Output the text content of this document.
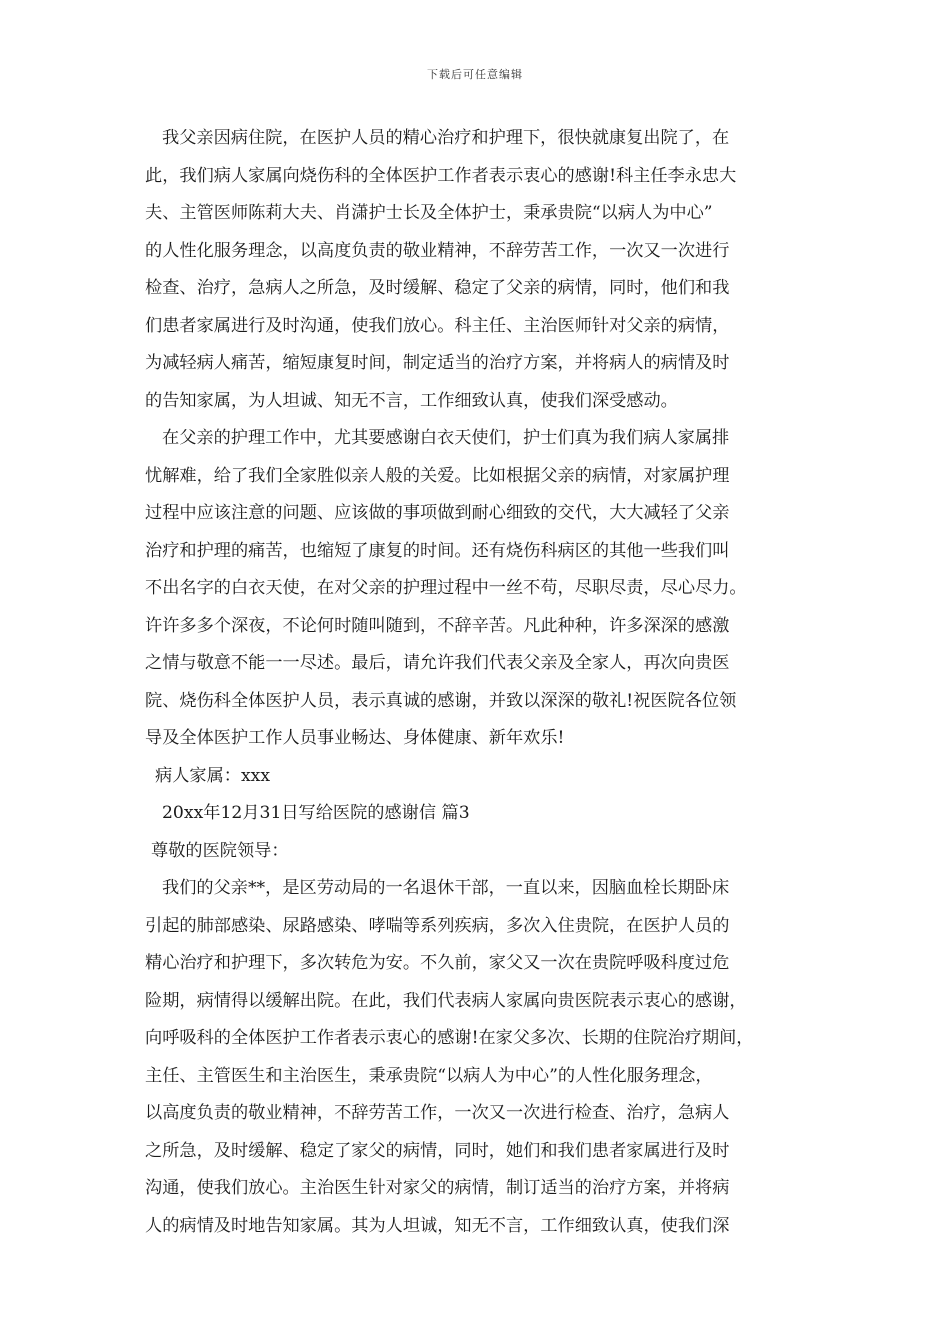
下载后可任意编辑
我父亲因病住院，在医护人员的精心治疗和护理下，很快就康复出院了，在
此，我们病人家属向烧伤科的全体医护工作者表示衷心的感谢!科主任李永忠大
夫、主管医师陈莉大夫、肖潇护士长及全体护士，秉承贵院“以病人为中心”
的人性化服务理念，以高度负责的敬业精神，不辞劳苦工作，一次又一次进行
检查、治疗，急病人之所急，及时缓解、稳定了父亲的病情，同时，他们和我
们患者家属进行及时沟通，使我们放心。科主任、主治医师针对父亲的病情，
为减轻病人痛苦，缩短康复时间，制定适当的治疗方案，并将病人的病情及时
的告知家属，为人坦诚、知无不言，工作细致认真，使我们深受感动。
在父亲的护理工作中，尤其要感谢白衣天使们，护士们真为我们病人家属排
忧解难，给了我们全家胜似亲人般的关爱。比如根据父亲的病情，对家属护理
过程中应该注意的问题、应该做的事项做到耐心细致的交代，大大减轻了父亲
治疗和护理的痛苦，也缩短了康复的时间。还有烧伤科病区的其他一些我们叫
不出名字的白衣天使，在对父亲的护理过程中一丝不苟，尽职尽责，尽心尽力。
许许多多个深夜，不论何时随叫随到，不辞辛苦。凡此种种，许多深深的感激
之情与敬意不能一一尽述。最后，请允许我们代表父亲及全家人，再次向贵医
院、烧伤科全体医护人员，表示真诚的感谢，并致以深深的敬礼!祝医院各位领
导及全体医护工作人员事业畅达、身体健康、新年欢乐!
病人家属：xxx
20xx年12月31日写给医院的感谢信 篇3
尊敬的医院领导：
我们的父亲**，是区劳动局的一名退休干部，一直以来，因脑血栓长期卧床
引起的肺部感染、尿路感染、哮喘等系列疾病，多次入住贵院，在医护人员的
精心治疗和护理下，多次转危为安。不久前，家父又一次在贵院呼吸科度过危
险期，病情得以缓解出院。在此，我们代表病人家属向贵医院表示衷心的感谢，
向呼吸科的全体医护工作者表示衷心的感谢!在家父多次、长期的住院治疗期间，
主任、主管医生和主治医生，秉承贵院“以病人为中心”的人性化服务理念，
以高度负责的敬业精神，不辞劳苦工作，一次又一次进行检查、治疗，急病人
之所急，及时缓解、稳定了家父的病情，同时，她们和我们患者家属进行及时
沟通，使我们放心。主治医生针对家父的病情，制订适当的治疗方案，并将病
人的病情及时地告知家属。其为人坦诚，知无不言，工作细致认真，使我们深
